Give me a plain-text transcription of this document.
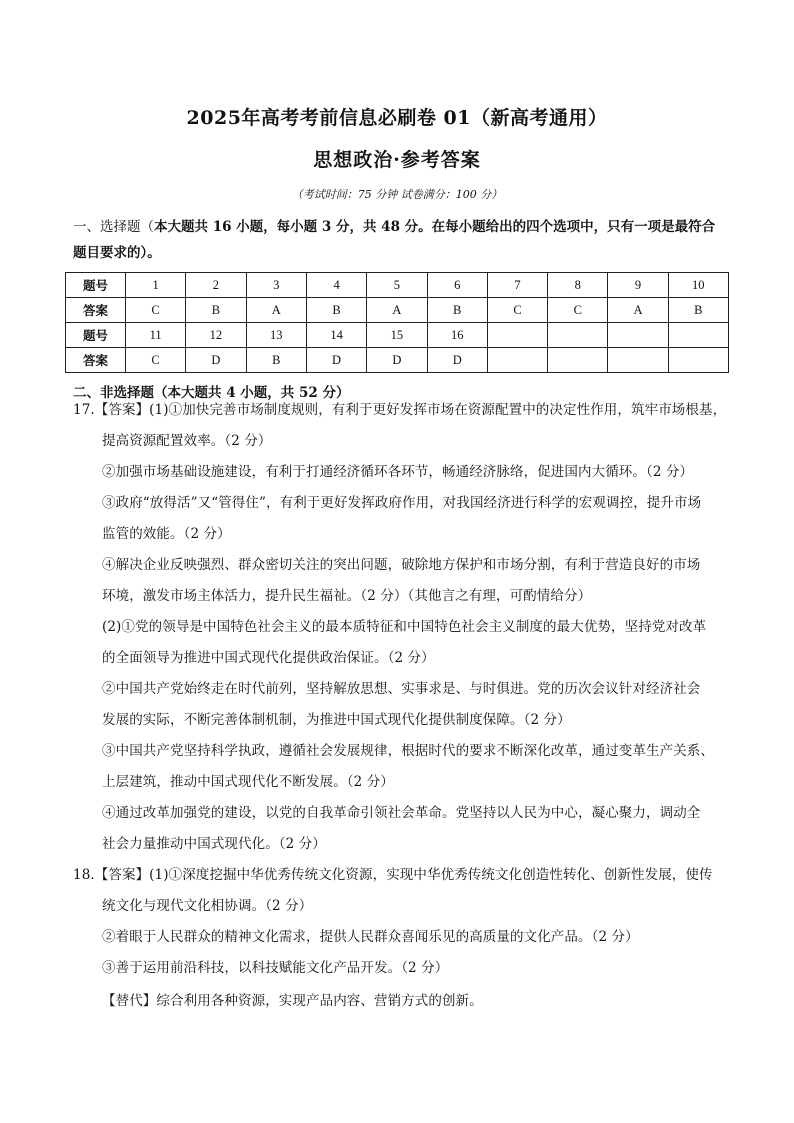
2025年高考考前信息必刷卷 01（新高考通用）
思想政治·参考答案
（考试时间：75 分钟 试卷满分：100 分）
一、选择题（本大题共 16 小题，每小题 3 分，共 48 分。在每小题给出的四个选项中，只有一项是最符合
题目要求的）。
题号	1	2	3	4	5	6	7	8	9	10
答案	C	B	A	B	A	B	C	C	A	B
题号	11	12	13	14	15	16				
答案	C	D	B	D	D	D				
二、非选择题（本大题共 4 小题，共 52 分）
17.【答案】(1)①加快完善市场制度规则，有利于更好发挥市场在资源配置中的决定性作用，筑牢市场根基，
提高资源配置效率。（2 分）
②加强市场基础设施建设，有利于打通经济循环各环节，畅通经济脉络，促进国内大循环。（2 分）
③政府“放得活”又“管得住”，有利于更好发挥政府作用，对我国经济进行科学的宏观调控，提升市场
监管的效能。（2 分）
④解决企业反映强烈、群众密切关注的突出问题，破除地方保护和市场分割，有利于营造良好的市场
环境，激发市场主体活力，提升民生福祉。（2 分）（其他言之有理，可酌情给分）
(2)①党的领导是中国特色社会主义的最本质特征和中国特色社会主义制度的最大优势，坚持党对改革
的全面领导为推进中国式现代化提供政治保证。（2 分）
②中国共产党始终走在时代前列，坚持解放思想、实事求是、与时俱进。党的历次会议针对经济社会
发展的实际，不断完善体制机制，为推进中国式现代化提供制度保障。（2 分）
③中国共产党坚持科学执政，遵循社会发展规律，根据时代的要求不断深化改革，通过变革生产关系、
上层建筑，推动中国式现代化不断发展。（2 分）
④通过改革加强党的建设，以党的自我革命引领社会革命。党坚持以人民为中心，凝心聚力，调动全
社会力量推动中国式现代化。（2 分）
18.【答案】(1)①深度挖掘中华优秀传统文化资源，实现中华优秀传统文化创造性转化、创新性发展，使传
统文化与现代文化相协调。（2 分）
②着眼于人民群众的精神文化需求，提供人民群众喜闻乐见的高质量的文化产品。（2 分）
③善于运用前沿科技，以科技赋能文化产品开发。（2 分）
【替代】综合利用各种资源，实现产品内容、营销方式的创新。
